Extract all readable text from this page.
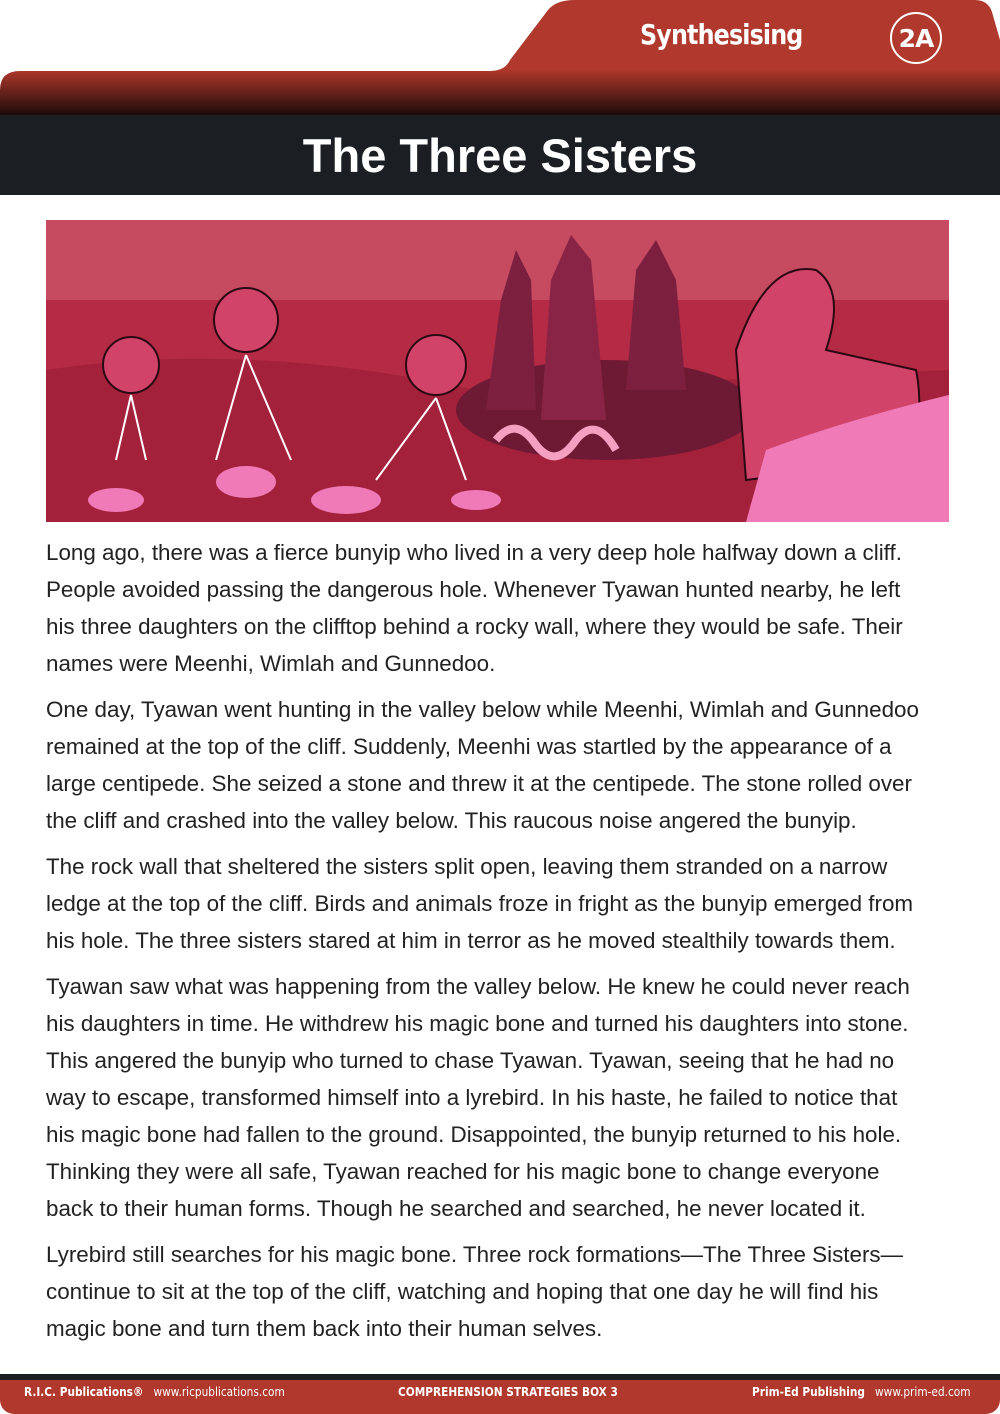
Synthesising	2A
The Three Sisters
Long ago, there was a fierce bunyip who lived in a very deep hole halfway down a cliff.
People avoided passing the dangerous hole. Whenever Tyawan hunted nearby, he left
his three daughters on the clifftop behind a rocky wall, where they would be safe. Their
names were Meenhi, Wimlah and Gunnedoo.
One day, Tyawan went hunting in the valley below while Meenhi, Wimlah and Gunnedoo
remained at the top of the cliff. Suddenly, Meenhi was startled by the appearance of a
large centipede. She seized a stone and threw it at the centipede. The stone rolled over
the cliff and crashed into the valley below. This raucous noise angered the bunyip.
The rock wall that sheltered the sisters split open, leaving them stranded on a narrow
ledge at the top of the cliff. Birds and animals froze in fright as the bunyip emerged from
his hole. The three sisters stared at him in terror as he moved stealthily towards them.
Tyawan saw what was happening from the valley below. He knew he could never reach
his daughters in time. He withdrew his magic bone and turned his daughters into stone.
This angered the bunyip who turned to chase Tyawan. Tyawan, seeing that he had no
way to escape, transformed himself into a lyrebird. In his haste, he failed to notice that
his magic bone had fallen to the ground. Disappointed, the bunyip returned to his hole.
Thinking they were all safe, Tyawan reached for his magic bone to change everyone
back to their human forms. Though he searched and searched, he never located it.
Lyrebird still searches for his magic bone. Three rock formations—The Three Sisters—
continue to sit at the top of the cliff, watching and hoping that one day he will find his
magic bone and turn them back into their human selves.
R.I.C. Publications® www.ricpublications.com	COMPREHENSION STRATEGIES BOX 3	Prim-Ed Publishing www.prim-ed.com
